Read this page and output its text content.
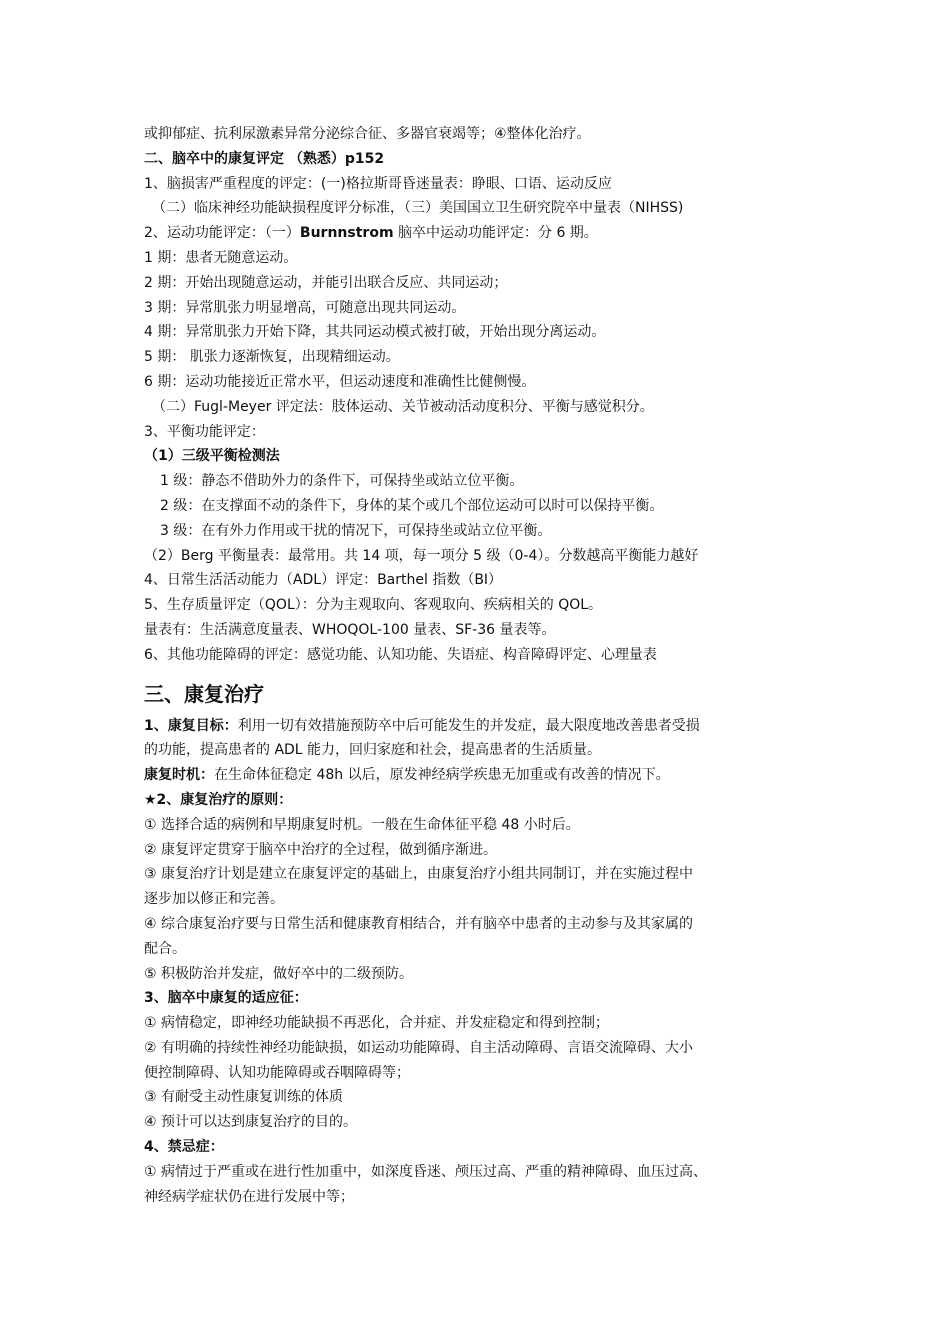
或抑郁症、抗利尿激素异常分泌综合征、多器官衰竭等；④整体化治疗。
二、脑卒中的康复评定 （熟悉）p152
1、脑损害严重程度的评定：(一)格拉斯哥昏迷量表：睁眼、口语、运动反应
（二）临床神经功能缺损程度评分标准，（三）美国国立卫生研究院卒中量表（NIHSS)
2、运动功能评定：（一）Burnnstrom 脑卒中运动功能评定：分 6 期。
1 期：患者无随意运动。
2 期：开始出现随意运动，并能引出联合反应、共同运动；
3 期：异常肌张力明显增高，可随意出现共同运动。
4 期：异常肌张力开始下降，其共同运动模式被打破，开始出现分离运动。
5 期： 肌张力逐渐恢复，出现精细运动。
6 期：运动功能接近正常水平，但运动速度和准确性比健侧慢。
（二）Fugl-Meyer 评定法：肢体运动、关节被动活动度积分、平衡与感觉积分。
3、平衡功能评定：
（1）三级平衡检测法
1 级：静态不借助外力的条件下，可保持坐或站立位平衡。
2 级：在支撑面不动的条件下，身体的某个或几个部位运动可以时可以保持平衡。
3 级：在有外力作用或干扰的情况下，可保持坐或站立位平衡。
（2）Berg 平衡量表：最常用。共 14 项，每一项分 5 级（0-4）。分数越高平衡能力越好
4、日常生活活动能力（ADL）评定：Barthel 指数（BI）
5、生存质量评定（QOL）：分为主观取向、客观取向、疾病相关的 QOL。
量表有：生活满意度量表、WHOQOL-100 量表、SF-36 量表等。
6、其他功能障碍的评定：感觉功能、认知功能、失语症、构音障碍评定、心理量表
三、康复治疗
1、康复目标：利用一切有效措施预防卒中后可能发生的并发症，最大限度地改善患者受损
的功能，提高患者的 ADL 能力，回归家庭和社会，提高患者的生活质量。
康复时机：在生命体征稳定 48h 以后，原发神经病学疾患无加重或有改善的情况下。
★2、康复治疗的原则：
① 选择合适的病例和早期康复时机。一般在生命体征平稳 48 小时后。
② 康复评定贯穿于脑卒中治疗的全过程，做到循序渐进。
③ 康复治疗计划是建立在康复评定的基础上，由康复治疗小组共同制订，并在实施过程中
逐步加以修正和完善。
④ 综合康复治疗要与日常生活和健康教育相结合，并有脑卒中患者的主动参与及其家属的
配合。
⑤ 积极防治并发症，做好卒中的二级预防。
3、脑卒中康复的适应征：
① 病情稳定，即神经功能缺损不再恶化，合并症、并发症稳定和得到控制；
② 有明确的持续性神经功能缺损，如运动功能障碍、自主活动障碍、言语交流障碍、大小
便控制障碍、认知功能障碍或吞咽障碍等；
③ 有耐受主动性康复训练的体质
④ 预计可以达到康复治疗的目的。
4、禁忌症：
① 病情过于严重或在进行性加重中，如深度昏迷、颅压过高、严重的精神障碍、血压过高、
神经病学症状仍在进行发展中等；
